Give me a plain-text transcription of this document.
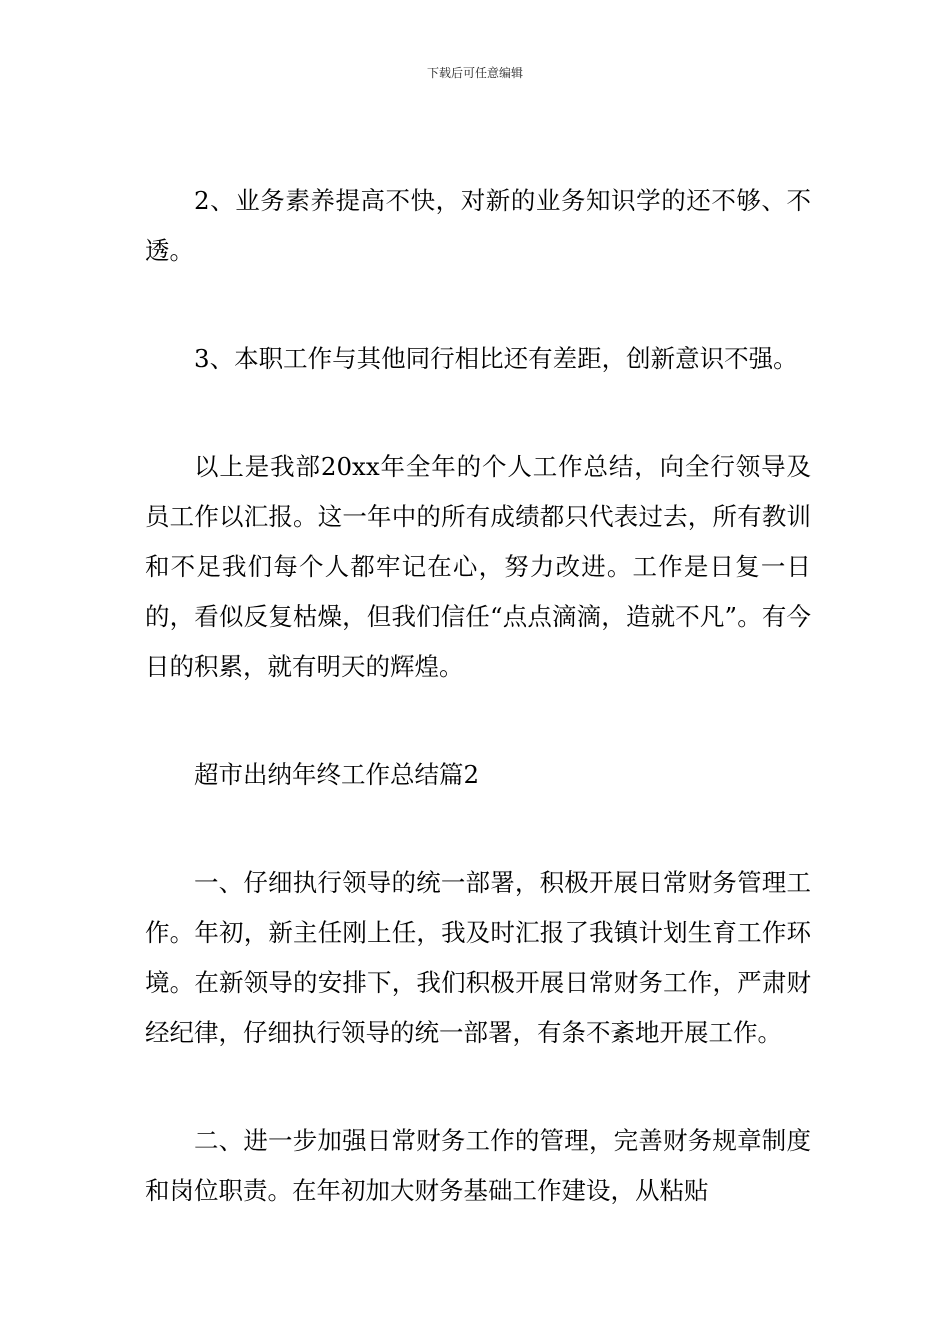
下载后可任意编辑

2、业务素养提高不快，对新的业务知识学的还不够、不透。

3、本职工作与其他同行相比还有差距，创新意识不强。

以上是我部20xx年全年的个人工作总结，向全行领导及员工作以汇报。这一年中的所有成绩都只代表过去，所有教训和不足我们每个人都牢记在心，努力改进。工作是日复一日的，看似反复枯燥，但我们信任“点点滴滴，造就不凡”。有今日的积累，就有明天的辉煌。

超市出纳年终工作总结篇2

一、仔细执行领导的统一部署，积极开展日常财务管理工作。年初，新主任刚上任，我及时汇报了我镇计划生育工作环境。在新领导的安排下，我们积极开展日常财务工作，严肃财经纪律，仔细执行领导的统一部署，有条不紊地开展工作。

二、进一步加强日常财务工作的管理，完善财务规章制度和岗位职责。在年初加大财务基础工作建设，从粘贴
